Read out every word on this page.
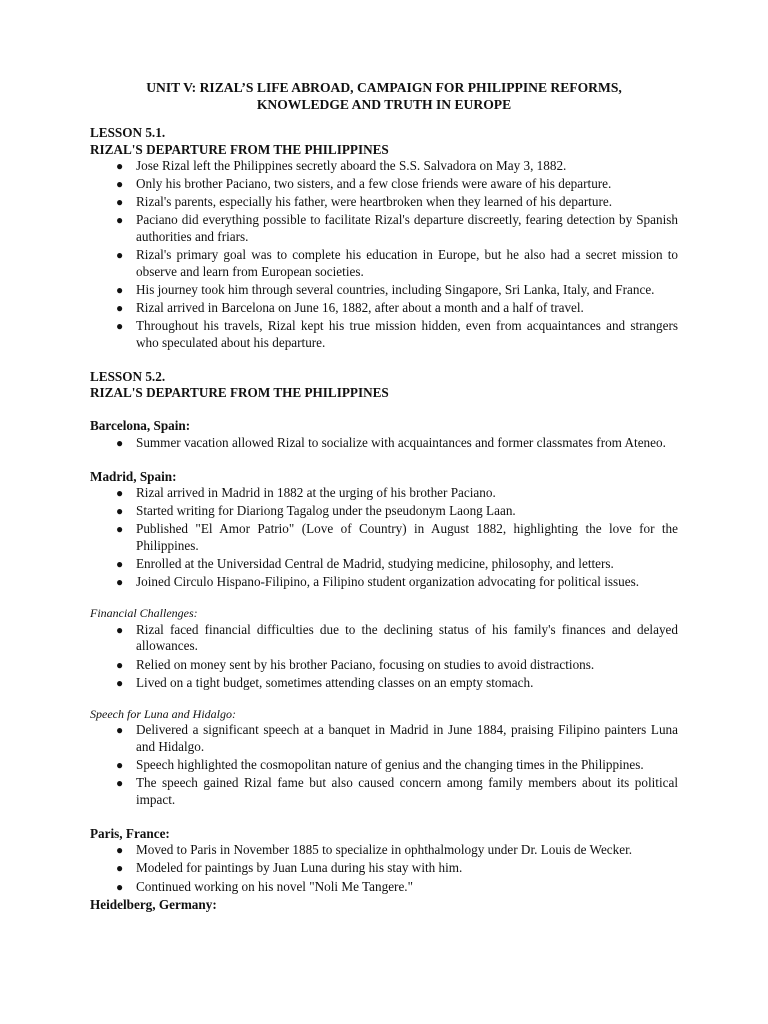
UNIT V: RIZAL’S LIFE ABROAD, CAMPAIGN FOR PHILIPPINE REFORMS,
KNOWLEDGE AND TRUTH IN EUROPE
LESSON 5.1.
RIZAL'S DEPARTURE FROM THE PHILIPPINES
● Jose Rizal left the Philippines secretly aboard the S.S. Salvadora on May 3, 1882.
● Only his brother Paciano, two sisters, and a few close friends were aware of his departure.
● Rizal's parents, especially his father, were heartbroken when they learned of his departure.
● Paciano did everything possible to facilitate Rizal's departure discreetly, fearing detection by Spanish authorities and friars.
● Rizal's primary goal was to complete his education in Europe, but he also had a secret mission to observe and learn from European societies.
● His journey took him through several countries, including Singapore, Sri Lanka, Italy, and France.
● Rizal arrived in Barcelona on June 16, 1882, after about a month and a half of travel.
● Throughout his travels, Rizal kept his true mission hidden, even from acquaintances and strangers who speculated about his departure.
LESSON 5.2.
RIZAL'S DEPARTURE FROM THE PHILIPPINES
Barcelona, Spain:
● Summer vacation allowed Rizal to socialize with acquaintances and former classmates from Ateneo.
Madrid, Spain:
● Rizal arrived in Madrid in 1882 at the urging of his brother Paciano.
● Started writing for Diariong Tagalog under the pseudonym Laong Laan.
● Published "El Amor Patrio" (Love of Country) in August 1882, highlighting the love for the Philippines.
● Enrolled at the Universidad Central de Madrid, studying medicine, philosophy, and letters.
● Joined Circulo Hispano-Filipino, a Filipino student organization advocating for political issues.
Financial Challenges:
● Rizal faced financial difficulties due to the declining status of his family's finances and delayed allowances.
● Relied on money sent by his brother Paciano, focusing on studies to avoid distractions.
● Lived on a tight budget, sometimes attending classes on an empty stomach.
Speech for Luna and Hidalgo:
● Delivered a significant speech at a banquet in Madrid in June 1884, praising Filipino painters Luna and Hidalgo.
● Speech highlighted the cosmopolitan nature of genius and the changing times in the Philippines.
● The speech gained Rizal fame but also caused concern among family members about its political impact.
Paris, France:
● Moved to Paris in November 1885 to specialize in ophthalmology under Dr. Louis de Wecker.
● Modeled for paintings by Juan Luna during his stay with him.
● Continued working on his novel "Noli Me Tangere."
Heidelberg, Germany:
